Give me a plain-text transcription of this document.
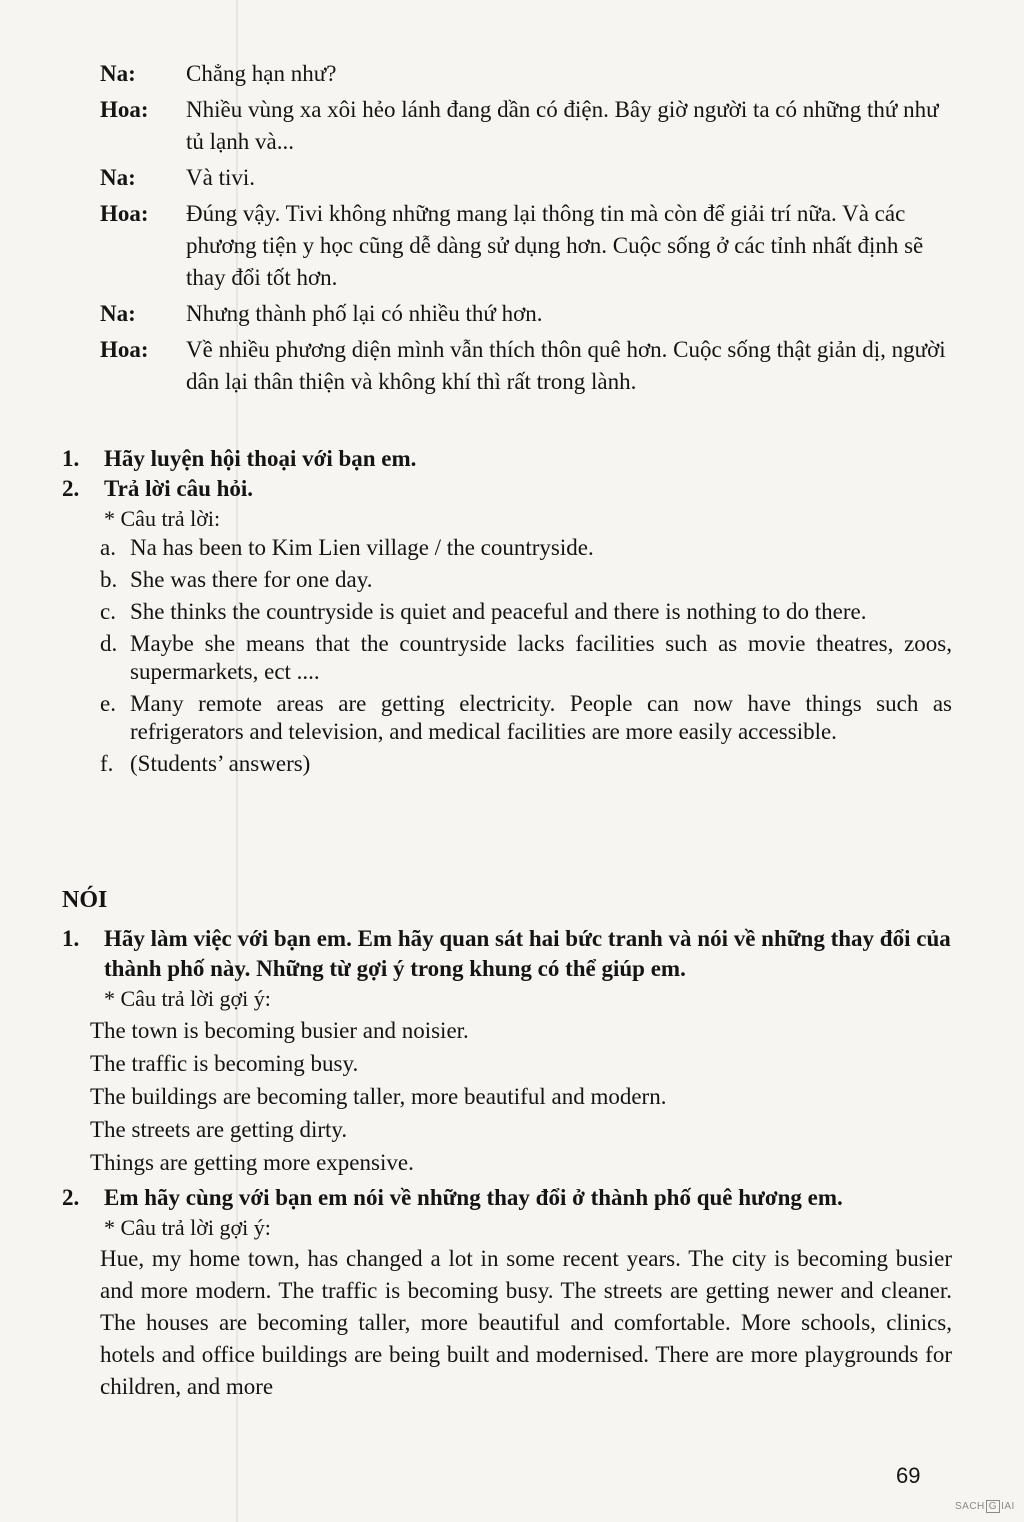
Na:	Chẳng hạn như?
Hoa:	Nhiều vùng xa xôi hẻo lánh đang dần có điện. Bây giờ người ta có những thứ như tủ lạnh và...
Na:	Và tivi.
Hoa:	Đúng vậy. Tivi không những mang lại thông tin mà còn để giải trí nữa. Và các phương tiện y học cũng dễ dàng sử dụng hơn. Cuộc sống ở các tỉnh nhất định sẽ thay đổi tốt hơn.
Na:	Nhưng thành phố lại có nhiều thứ hơn.
Hoa:	Về nhiều phương diện mình vẫn thích thôn quê hơn. Cuộc sống thật giản dị, người dân lại thân thiện và không khí thì rất trong lành.
1.	Hãy luyện hội thoại với bạn em.
2.	Trả lời câu hỏi.
* Câu trả lời:
a. Na has been to Kim Lien village / the countryside.
b. She was there for one day.
c. She thinks the countryside is quiet and peaceful and there is nothing to do there.
d. Maybe she means that the countryside lacks facilities such as movie theatres, zoos, supermarkets, ect ....
e. Many remote areas are getting electricity. People can now have things such as refrigerators and television, and medical facilities are more easily accessible.
f. (Students’ answers)
NÓI
1.	Hãy làm việc với bạn em. Em hãy quan sát hai bức tranh và nói về những thay đổi của thành phố này. Những từ gợi ý trong khung có thể giúp em.
* Câu trả lời gợi ý:
The town is becoming busier and noisier.
The traffic is becoming busy.
The buildings are becoming taller, more beautiful and modern.
The streets are getting dirty.
Things are getting more expensive.
2.	Em hãy cùng với bạn em nói về những thay đổi ở thành phố quê hương em.
* Câu trả lời gợi ý:
Hue, my home town, has changed a lot in some recent years. The city is becoming busier and more modern. The traffic is becoming busy. The streets are getting newer and cleaner. The houses are becoming taller, more beautiful and comfortable. More schools, clinics, hotels and office buildings are being built and modernised. There are more playgrounds for children, and more
69
SACH G IAI
